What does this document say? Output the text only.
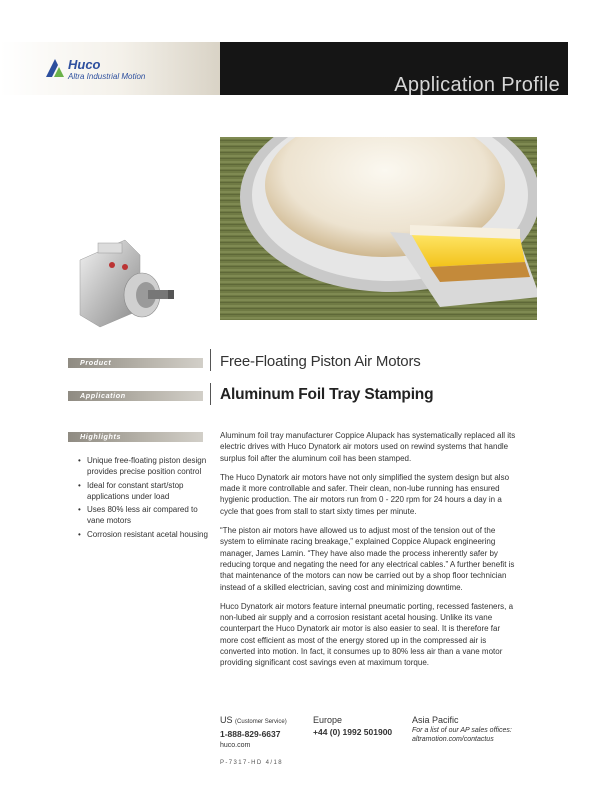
Huco
Altra Industrial Motion	Application Profile
Product	Free-Floating Piston Air Motors
Application	Aluminum Foil Tray Stamping
Highlights
• Unique free-floating piston design provides precise position control
• Ideal for constant start/stop applications under load
• Uses 80% less air compared to vane motors
• Corrosion resistant acetal housing

Aluminum foil tray manufacturer Coppice Alupack has systematically replaced all its electric drives with Huco Dynatork air motors used on rewind systems that handle surplus foil after the aluminum coil has been stamped.

The Huco Dynatork air motors have not only simplified the system design but also made it more controllable and safer. Their clean, non-lube running has ensured hygienic production. The air motors run from 0 - 220 rpm for 24 hours a day in a cycle that goes from stall to start sixty times per minute.

“The piston air motors have allowed us to adjust most of the tension out of the system to eliminate racing breakage,” explained Coppice Alupack engineering manager, James Lamin. “They have also made the process inherently safer by reducing torque and negating the need for any electrical cables.” A further benefit is that maintenance of the motors can now be carried out by a shop floor technician instead of a skilled electrician, saving cost and minimizing downtime.

Huco Dynatork air motors feature internal pneumatic porting, recessed fasteners, a non-lubed air supply and a corrosion resistant acetal housing. Unlike its vane counterpart the Huco Dynatork air motor is also easier to seal. It is therefore far more cost efficient as most of the energy stored up in the compressed air is converted into motion. In fact, it consumes up to 80% less air than a vane motor providing significant cost savings even at maximum torque.

US (Customer Service)
1-888-829-6637
huco.com
Europe
+44 (0) 1992 501900
Asia Pacific
For a list of our AP sales offices:
altramotion.com/contactus
P-7317-HD 4/18
